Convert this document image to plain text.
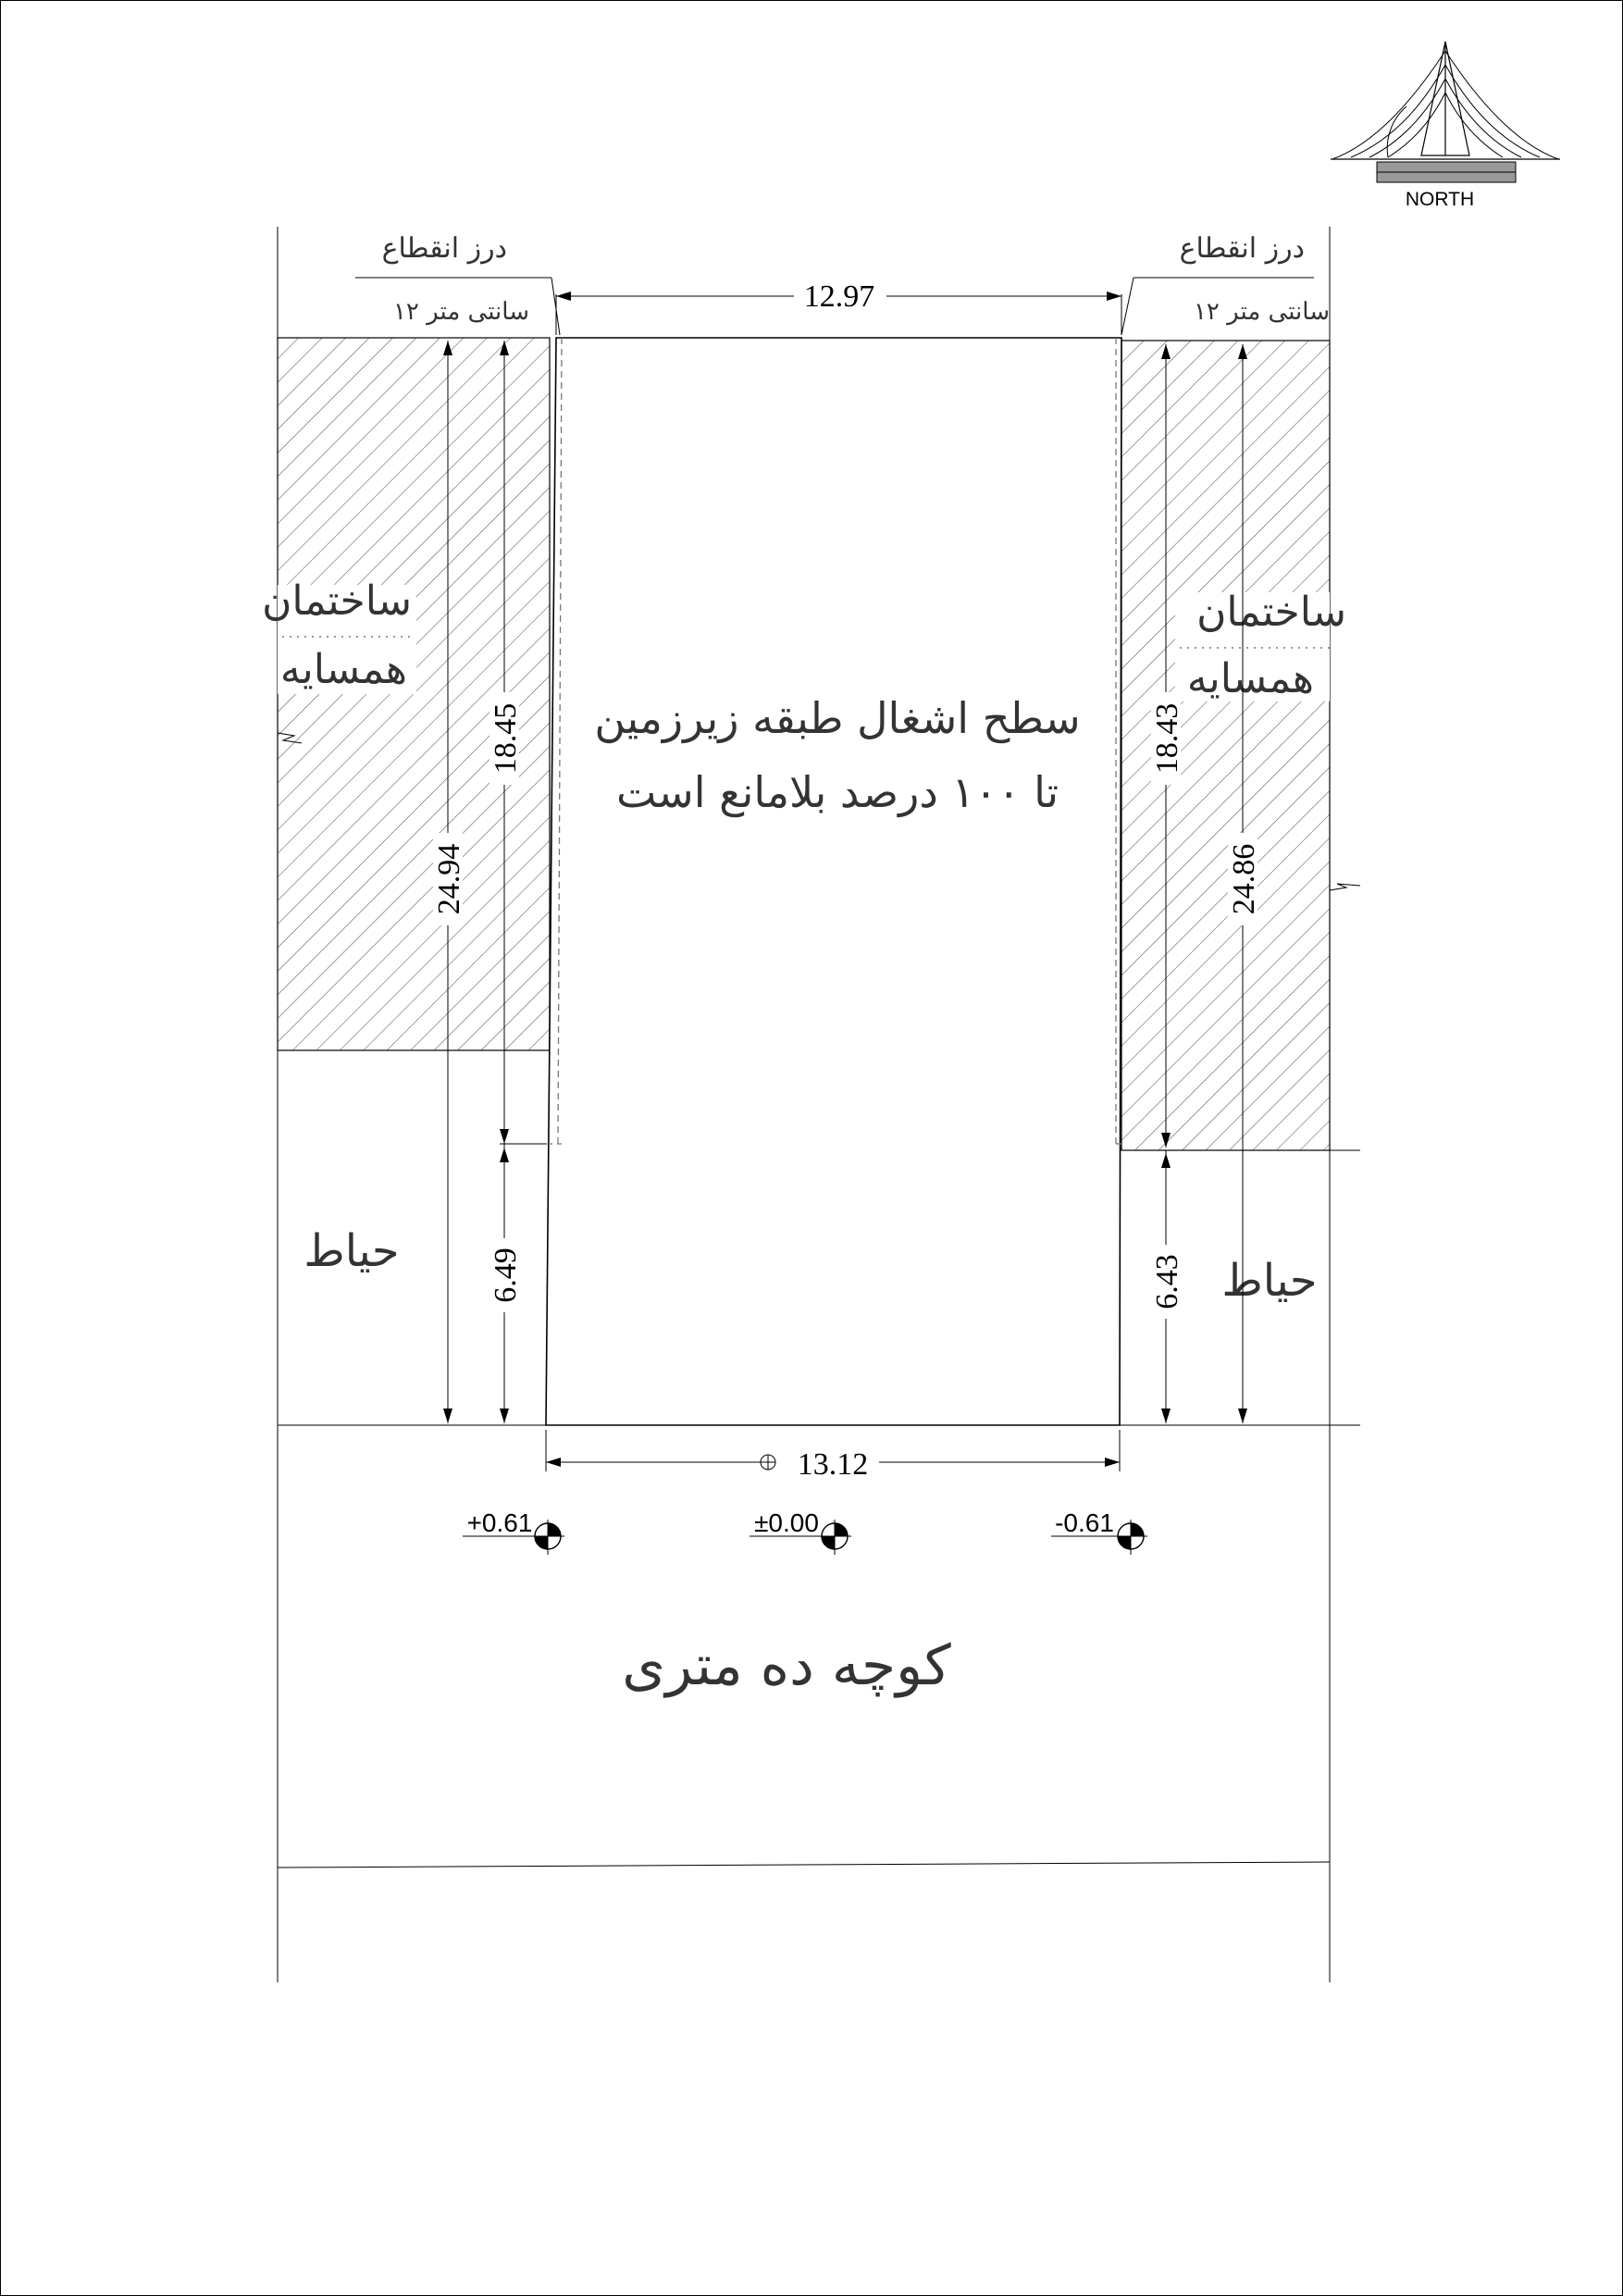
NORTH
ساختمان
همسایه
ساختمان
همسایه
سطح اشغال طبقه زیرزمین
تا ۱۰۰ درصد بلامانع است
حیاط
حیاط
درز انقطاع
۱۲ سانتی متر
درز انقطاع
۱۲ سانتی متر
12.97
13.12
24.94
18.45
6.49
18.43
6.43
24.86
+0.61	±0.00	-0.61
کوچه ده متری
